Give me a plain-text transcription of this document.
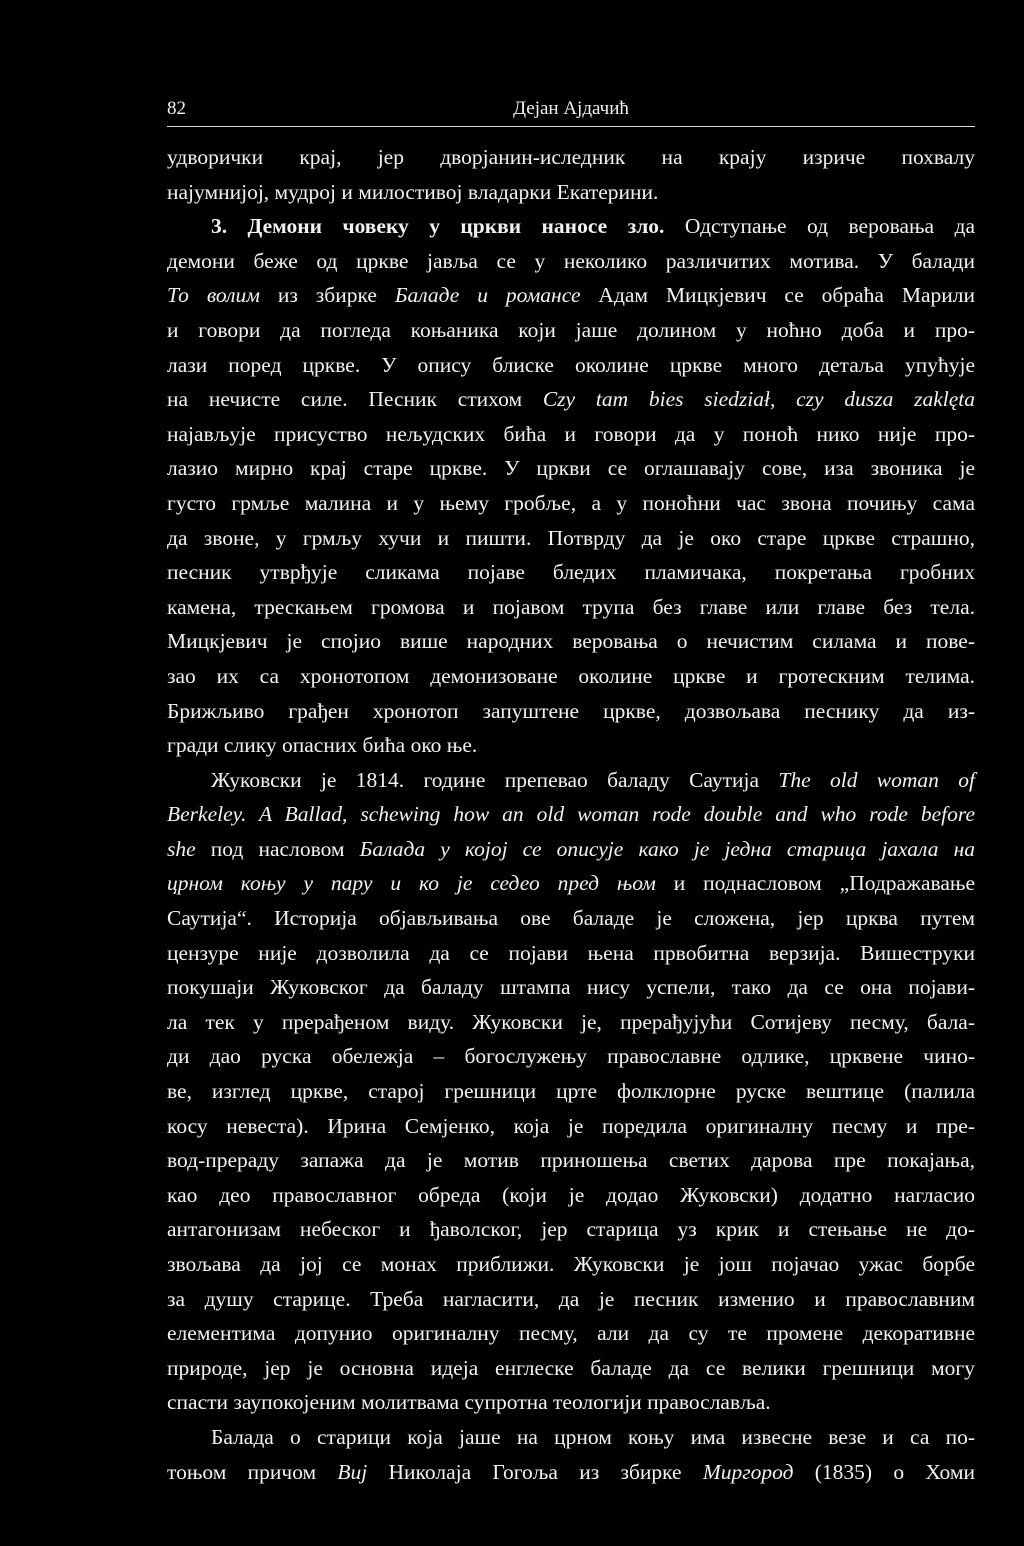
82	Дејан Ајдачић
удворички крај, јер дворјанин-иследник на крају изриче похвалу
најумнијој, мудрој и милостивој владарки Екатерини.
3. Демони човеку у цркви наносе зло. Одступање од веровања да
демони беже од цркве јавља се у неколико различитих мотива. У балади
То волим из збирке Баладе и романсе Адам Мицкјевич се обраћа Марили
и говори да погледа коњаника који јаше долином у ноћно доба и про-
лази поред цркве. У опису блиске околине цркве много детаља упућује
на нечисте силе. Песник стихом Czy tam bies siedział, czy dusza zaklęta
најављује присуство нељудских бића и говори да у поноћ нико није про-
лазио мирно крај старе цркве. У цркви се оглашавају сове, иза звоника је
густо грмље малина и у њему гробље, а у поноћни час звона почињу сама
да звоне, у грмљу хучи и пишти. Потврду да је око старе цркве страшно,
песник утврђује сликама појаве бледих пламичака, покретања гробних
камена, трескањем громова и појавом трупа без главе или главе без тела.
Мицкјевич је спојио више народних веровања о нечистим силама и пове-
зао их са хронотопом демонизоване околине цркве и гротескним телима.
Брижљиво грађен хронотоп запуштене цркве, дозвољава песнику да из-
гради слику опасних бића око ње.
Жуковски је 1814. године препевао баладу Саутија The old woman of
Berkeley. A Ballad, schewing how an old woman rode double and who rode before
she под насловом Балада у којој се описује како је једна старица јахала на
црном коњу у пару и ко је седео пред њом и поднасловом „Подражавање
Саутија“. Историја објављивања ове баладе је сложена, јер црква путем
цензуре није дозволила да се појави њена првобитна верзија. Вишеструки
покушаји Жуковског да баладу штампа нису успели, тако да се она појави-
ла тек у прерађеном виду. Жуковски је, прерађујући Сотијеву песму, бала-
ди дао руска обележја – богослужењу православне одлике, црквене чино-
ве, изглед цркве, старој грешници црте фолклорне руске вештице (палила
косу невеста). Ирина Семјенко, која је поредила оригиналну песму и пре-
вод-прераду запажа да је мотив приношења светих дарова пре покајања,
као део православног обреда (који је додао Жуковски) додатно нагласио
антагонизам небеског и ђаволског, јер старица уз крик и стењање не до-
звољава да јој се монах приближи. Жуковски је још појачао ужас борбе
за душу старице. Треба нагласити, да је песник изменио и православним
елементима допунио оригиналну песму, али да су те промене декоративне
природе, јер је основна идеја енглеске баладе да се велики грешници могу
спасти заупокојеним молитвама супротна теологији православља.
Балада о старици која јаше на црном коњу има извесне везе и са по-
тоњом причом Виј Николаја Гогоља из збирке Миргород (1835) о Хоми
